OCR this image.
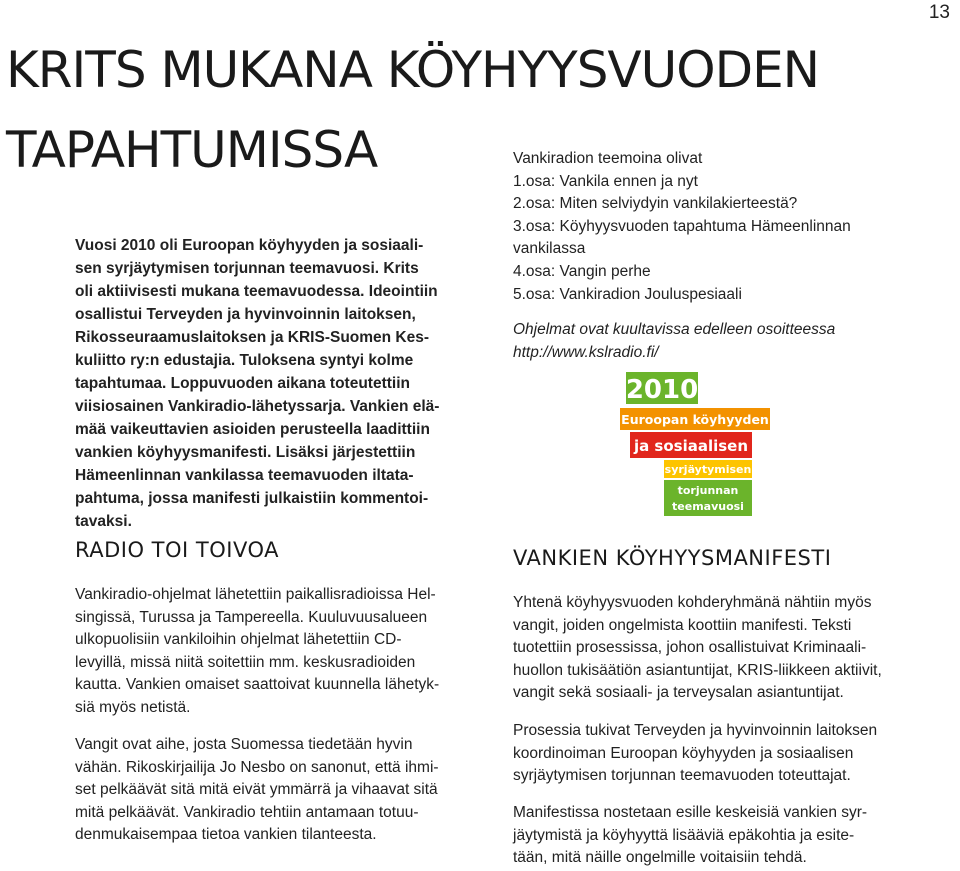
13
KRITS MUKANA KÖYHYYSVUODEN
TAPAHTUMISSA
Vuosi 2010 oli Euroopan köyhyyden ja sosiaali-
sen syrjäytymisen torjunnan teemavuosi. Krits
oli aktiivisesti mukana teemavuodessa. Ideointiin
osallistui Terveyden ja hyvinvoinnin laitoksen,
Rikosseuraamuslaitoksen ja KRIS-Suomen Kes-
kuliitto ry:n edustajia. Tuloksena syntyi kolme
tapahtumaa. Loppuvuoden aikana toteutettiin
viisiosainen Vankiradio-lähetyssarja. Vankien elä-
mää vaikeuttavien asioiden perusteella laadittiin
vankien köyhyysmanifesti. Lisäksi järjestettiin
Hämeenlinnan vankilassa teemavuoden iltata-
pahtuma, jossa manifesti julkaistiin kommentoi-
tavaksi.
RADIO TOI TOIVOA
Vankiradio-ohjelmat lähetettiin paikallisradioissa Hel-
singissä, Turussa ja Tampereella. Kuuluvuusalueen
ulkopuolisiin vankiloihin ohjelmat lähetettiin CD-
levyillä, missä niitä soitettiin mm. keskusradioiden
kautta. Vankien omaiset saattoivat kuunnella lähetyk-
siä myös netistä.
Vangit ovat aihe, josta Suomessa tiedetään hyvin
vähän. Rikoskirjailija Jo Nesbo on sanonut, että ihmi-
set pelkäävät sitä mitä eivät ymmärrä ja vihaavat sitä
mitä pelkäävät. Vankiradio tehtiin antamaan totuu-
denmukaisempaa tietoa vankien tilanteesta.
Vankiradion teemoina olivat
1.osa: Vankila ennen ja nyt
2.osa: Miten selviydyin vankilakierteestä?
3.osa: Köyhyysvuoden tapahtuma Hämeenlinnan
vankilassa
4.osa: Vangin perhe
5.osa: Vankiradion Jouluspesiaali
Ohjelmat ovat kuultavissa edelleen osoitteessa
http://www.kslradio.fi/
2010
Euroopan köyhyyden
ja sosiaalisen
syrjäytymisen
torjunnan
teemavuosi
VANKIEN KÖYHYYSMANIFESTI
Yhtenä köyhyysvuoden kohderyhmänä nähtiin myös
vangit, joiden ongelmista koottiin manifesti. Teksti
tuotettiin prosessissa, johon osallistuivat Kriminaali-
huollon tukisäätiön asiantuntijat, KRIS-liikkeen aktiivit,
vangit sekä sosiaali- ja terveysalan asiantuntijat.
Prosessia tukivat Terveyden ja hyvinvoinnin laitoksen
koordinoiman Euroopan köyhyyden ja sosiaalisen
syrjäytymisen torjunnan teemavuoden toteuttajat.
Manifestissa nostetaan esille keskeisiä vankien syr-
jäytymistä ja köyhyyttä lisääviä epäkohtia ja esite-
tään, mitä näille ongelmille voitaisiin tehdä.
